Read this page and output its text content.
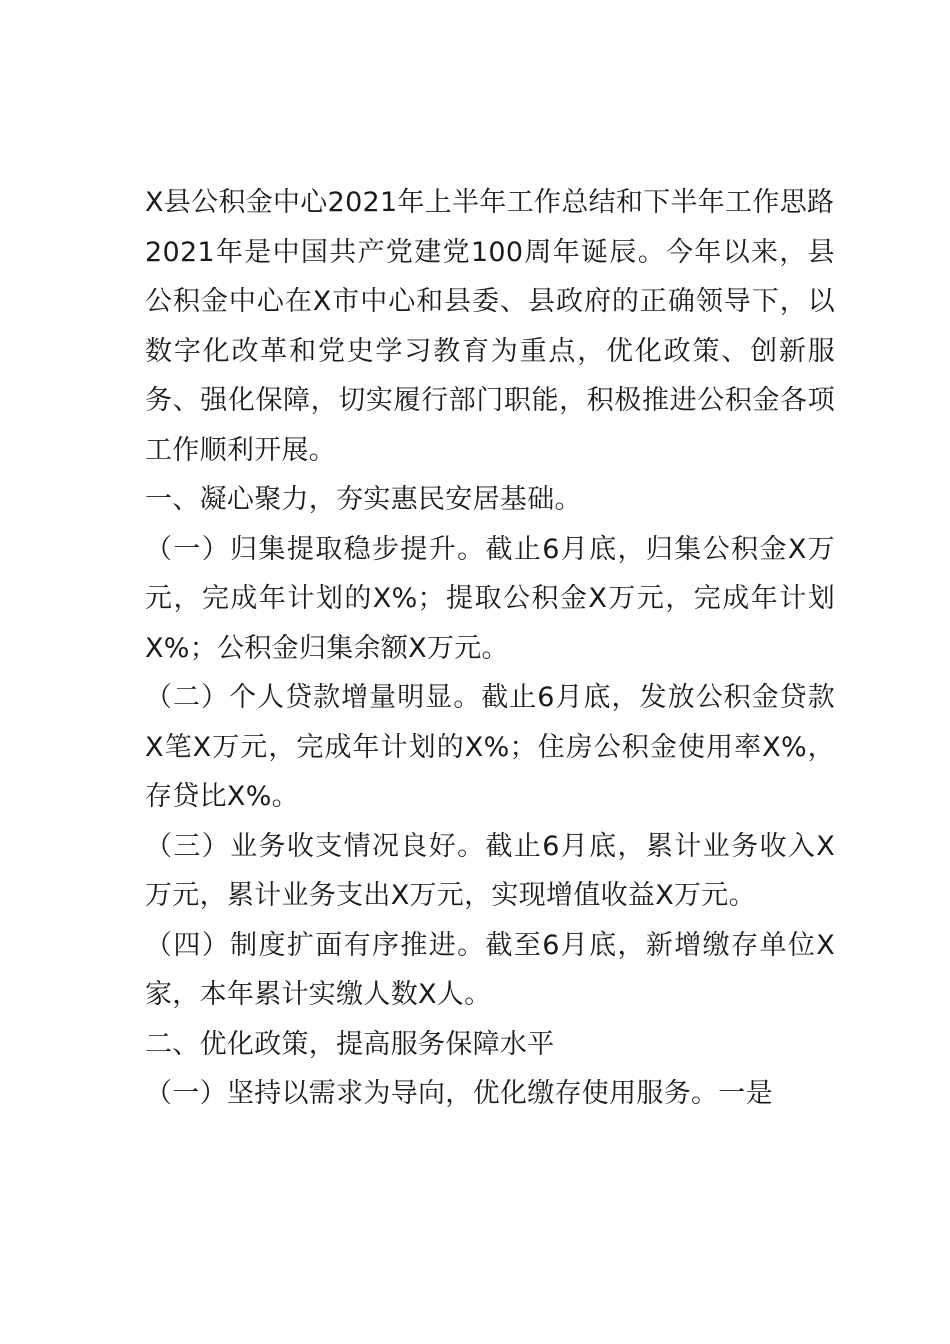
X县公积金中心2021年上半年工作总结和下半年工作思路

2021年是中国共产党建党100周年诞辰。今年以来，县公积金中心在X市中心和县委、县政府的正确领导下，以数字化改革和党史学习教育为重点，优化政策、创新服务、强化保障，切实履行部门职能，积极推进公积金各项工作顺利开展。

一、凝心聚力，夯实惠民安居基础。

（一）归集提取稳步提升。截止6月底，归集公积金X万元，完成年计划的X%；提取公积金X万元，完成年计划X%；公积金归集余额X万元。

（二）个人贷款增量明显。截止6月底，发放公积金贷款X笔X万元，完成年计划的X%；住房公积金使用率X%，存贷比X%。

（三）业务收支情况良好。截止6月底，累计业务收入X万元，累计业务支出X万元，实现增值收益X万元。

（四）制度扩面有序推进。截至6月底，新增缴存单位X家，本年累计实缴人数X人。

二、优化政策，提高服务保障水平

（一）坚持以需求为导向，优化缴存使用服务。一是
